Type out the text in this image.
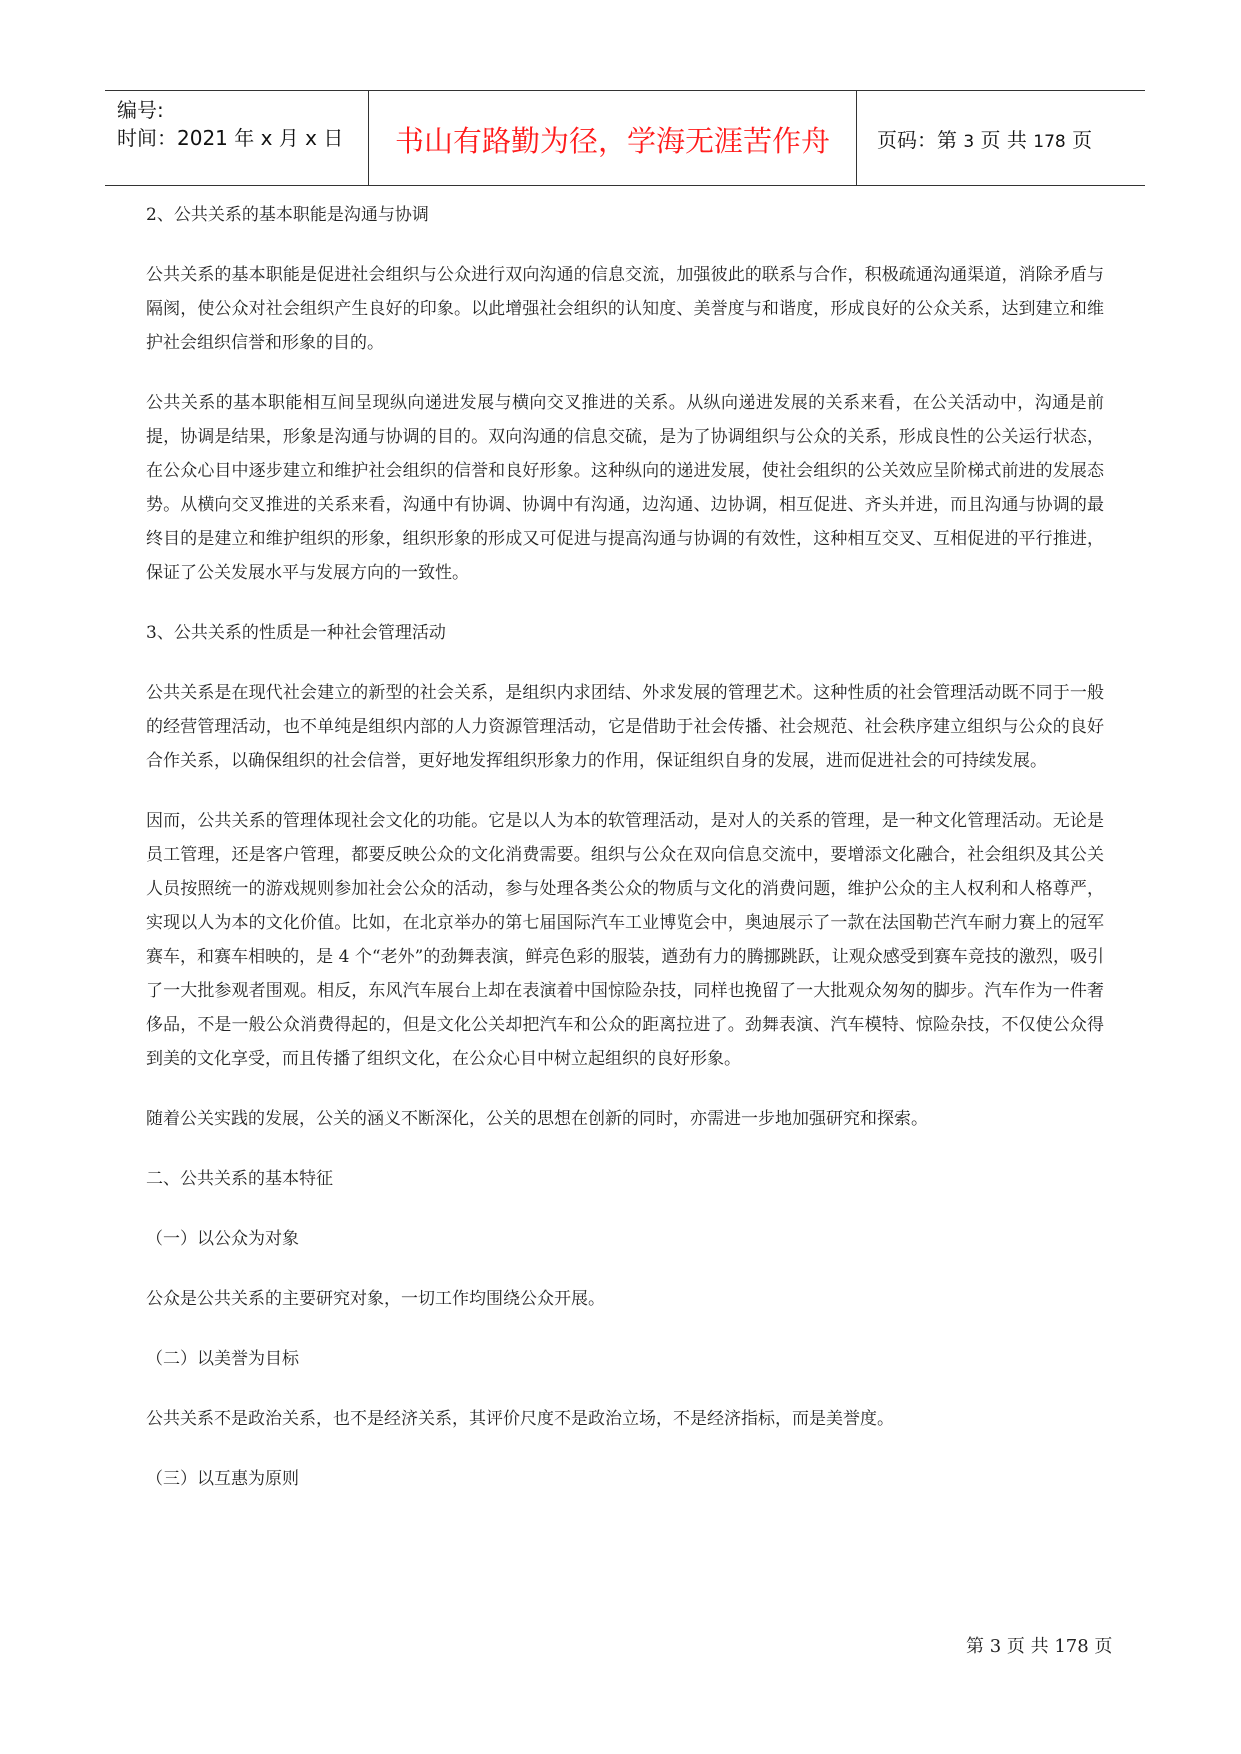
编号:
时间：2021 年 x 月 x 日	书山有路勤为径，学海无涯苦作舟	页码：第 3 页 共 178 页

2、公共关系的基本职能是沟通与协调

公共关系的基本职能是促进社会组织与公众进行双向沟通的信息交流，加强彼此的联系与合作，积极疏通沟通渠道，消除矛盾与隔阂，使公众对社会组织产生良好的印象。以此增强社会组织的认知度、美誉度与和谐度，形成良好的公众关系，达到建立和维护社会组织信誉和形象的目的。

公共关系的基本职能相互间呈现纵向递进发展与横向交叉推进的关系。从纵向递进发展的关系来看，在公关活动中，沟通是前提，协调是结果，形象是沟通与协调的目的。双向沟通的信息交硫，是为了协调组织与公众的关系，形成良性的公关运行状态，在公众心目中逐步建立和维护社会组织的信誉和良好形象。这种纵向的递进发展，使社会组织的公关效应呈阶梯式前进的发展态势。从横向交叉推进的关系来看，沟通中有协调、协调中有沟通，边沟通、边协调，相互促进、齐头并进，而且沟通与协调的最终目的是建立和维护组织的形象，组织形象的形成又可促进与提高沟通与协调的有效性，这种相互交叉、互相促进的平行推进，保证了公关发展水平与发展方向的一致性。

3、公共关系的性质是一种社会管理活动

公共关系是在现代社会建立的新型的社会关系，是组织内求团结、外求发展的管理艺术。这种性质的社会管理活动既不同于一般的经营管理活动，也不单纯是组织内部的人力资源管理活动，它是借助于社会传播、社会规范、社会秩序建立组织与公众的良好合作关系，以确保组织的社会信誉，更好地发挥组织形象力的作用，保证组织自身的发展，进而促进社会的可持续发展。

因而，公共关系的管理体现社会文化的功能。它是以人为本的软管理活动，是对人的关系的管理，是一种文化管理活动。无论是员工管理，还是客户管理，都要反映公众的文化消费需要。组织与公众在双向信息交流中，要增添文化融合，社会组织及其公关人员按照统一的游戏规则参加社会公众的活动，参与处理各类公众的物质与文化的消费问题，维护公众的主人权利和人格尊严，实现以人为本的文化价值。比如，在北京举办的第七届国际汽车工业博览会中，奥迪展示了一款在法国勒芒汽车耐力赛上的冠军赛车，和赛车相映的，是 4 个“老外”的劲舞表演，鲜亮色彩的服装，遒劲有力的腾挪跳跃，让观众感受到赛车竞技的激烈，吸引了一大批参观者围观。相反，东风汽车展台上却在表演着中国惊险杂技，同样也挽留了一大批观众匆匆的脚步。汽车作为一件奢侈品，不是一般公众消费得起的，但是文化公关却把汽车和公众的距离拉进了。劲舞表演、汽车模特、惊险杂技，不仅使公众得到美的文化享受，而且传播了组织文化，在公众心目中树立起组织的良好形象。

随着公关实践的发展，公关的涵义不断深化，公关的思想在创新的同时，亦需进一步地加强研究和探索。

二、公共关系的基本特征

（一）以公众为对象

公众是公共关系的主要研究对象，一切工作均围绕公众开展。

（二）以美誉为目标

公共关系不是政治关系，也不是经济关系，其评价尺度不是政治立场，不是经济指标，而是美誉度。

（三）以互惠为原则

第 3 页 共 178 页
